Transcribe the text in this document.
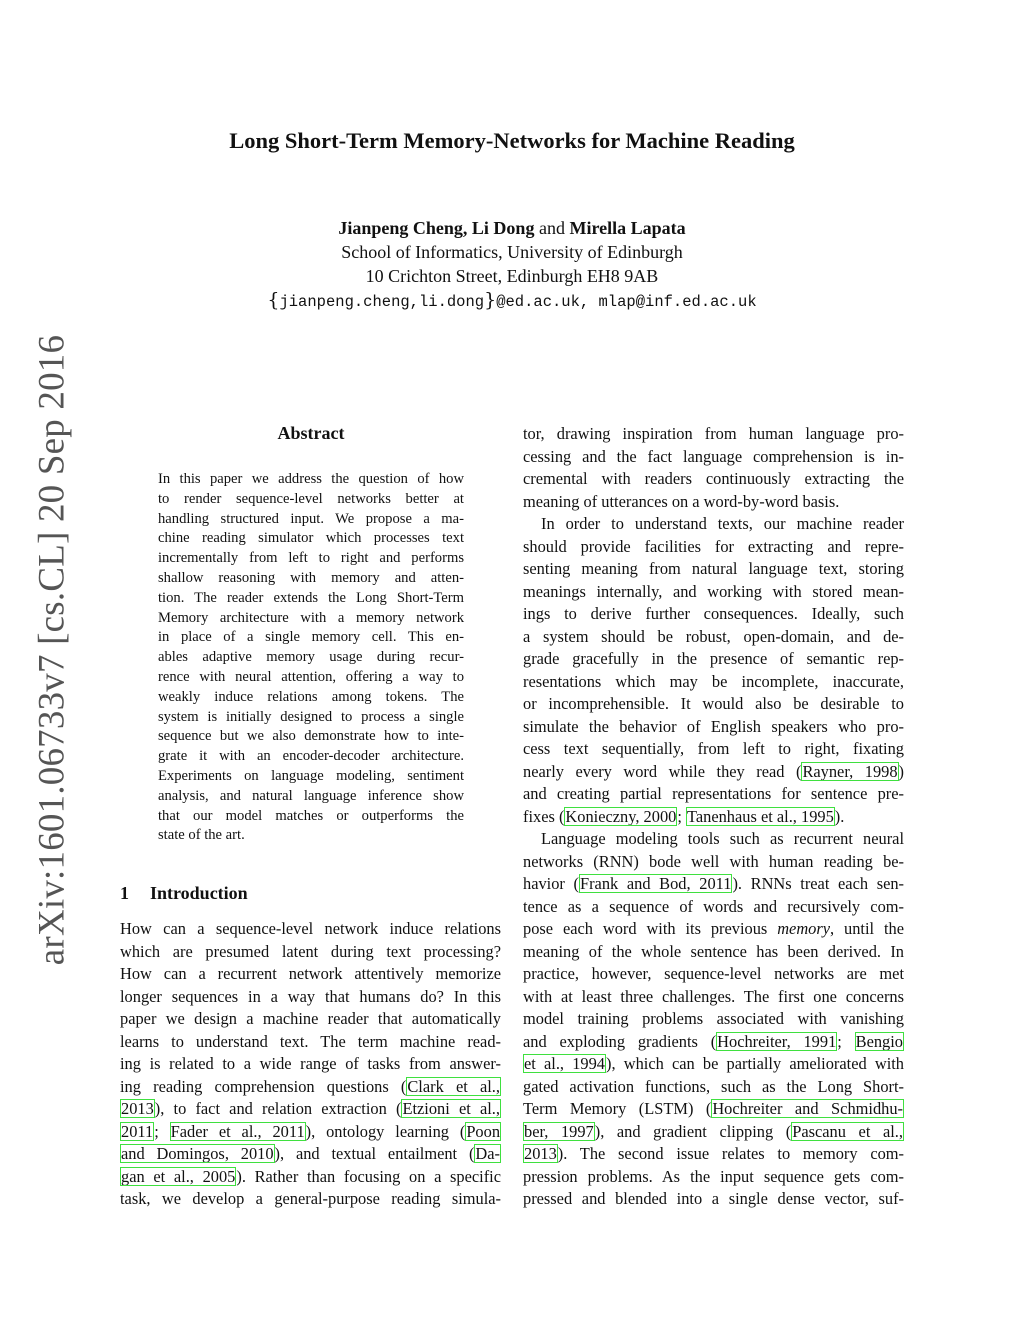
arXiv:1601.06733v7 [cs.CL] 20 Sep 2016
Long Short-Term Memory-Networks for Machine Reading
Jianpeng Cheng, Li Dong and Mirella Lapata
School of Informatics, University of Edinburgh
10 Crichton Street, Edinburgh EH8 9AB
{jianpeng.cheng,li.dong}@ed.ac.uk, mlap@inf.ed.ac.uk
Abstract
In this paper we address the question of how
to render sequence-level networks better at
handling structured input. We propose a ma-
chine reading simulator which processes text
incrementally from left to right and performs
shallow reasoning with memory and atten-
tion. The reader extends the Long Short-Term
Memory architecture with a memory network
in place of a single memory cell. This en-
ables adaptive memory usage during recur-
rence with neural attention, offering a way to
weakly induce relations among tokens. The
system is initially designed to process a single
sequence but we also demonstrate how to inte-
grate it with an encoder-decoder architecture.
Experiments on language modeling, sentiment
analysis, and natural language inference show
that our model matches or outperforms the
state of the art.
1 Introduction
How can a sequence-level network induce relations
which are presumed latent during text processing?
How can a recurrent network attentively memorize
longer sequences in a way that humans do? In this
paper we design a machine reader that automatically
learns to understand text. The term machine read-
ing is related to a wide range of tasks from answer-
ing reading comprehension questions (Clark et al.,
2013), to fact and relation extraction (Etzioni et al.,
2011; Fader et al., 2011), ontology learning (Poon
and Domingos, 2010), and textual entailment (Da-
gan et al., 2005). Rather than focusing on a specific
task, we develop a general-purpose reading simula-
tor, drawing inspiration from human language pro-
cessing and the fact language comprehension is in-
cremental with readers continuously extracting the
meaning of utterances on a word-by-word basis.
In order to understand texts, our machine reader
should provide facilities for extracting and repre-
senting meaning from natural language text, storing
meanings internally, and working with stored mean-
ings to derive further consequences. Ideally, such
a system should be robust, open-domain, and de-
grade gracefully in the presence of semantic rep-
resentations which may be incomplete, inaccurate,
or incomprehensible. It would also be desirable to
simulate the behavior of English speakers who pro-
cess text sequentially, from left to right, fixating
nearly every word while they read (Rayner, 1998)
and creating partial representations for sentence pre-
fixes (Konieczny, 2000; Tanenhaus et al., 1995).
Language modeling tools such as recurrent neural
networks (RNN) bode well with human reading be-
havior (Frank and Bod, 2011). RNNs treat each sen-
tence as a sequence of words and recursively com-
pose each word with its previous memory, until the
meaning of the whole sentence has been derived. In
practice, however, sequence-level networks are met
with at least three challenges. The first one concerns
model training problems associated with vanishing
and exploding gradients (Hochreiter, 1991; Bengio
et al., 1994), which can be partially ameliorated with
gated activation functions, such as the Long Short-
Term Memory (LSTM) (Hochreiter and Schmidhu-
ber, 1997), and gradient clipping (Pascanu et al.,
2013). The second issue relates to memory com-
pression problems. As the input sequence gets com-
pressed and blended into a single dense vector, suf-
